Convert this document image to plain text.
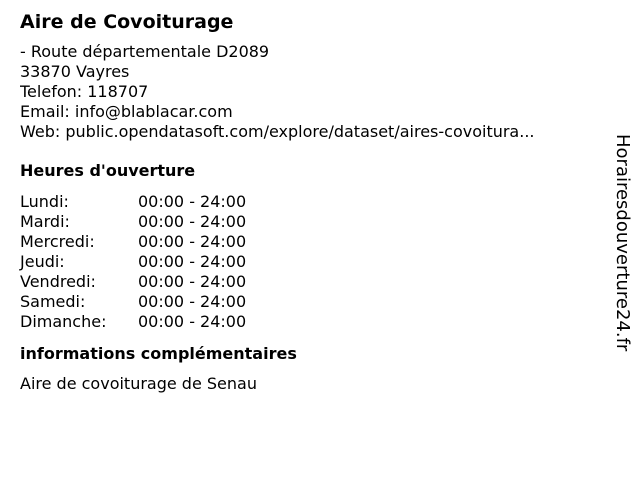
Aire de Covoiturage
- Route départementale D2089
33870 Vayres
Telefon: 118707
Email: info@blablacar.com
Web: public.opendatasoft.com/explore/dataset/aires-covoitura...
Heures d'ouverture
Lundi:	00:00 - 24:00
Mardi:	00:00 - 24:00
Mercredi:	00:00 - 24:00
Jeudi:	00:00 - 24:00
Vendredi:	00:00 - 24:00
Samedi:	00:00 - 24:00
Dimanche:	00:00 - 24:00
informations complémentaires
Aire de covoiturage de Senau
Horairesdouverture24.fr
